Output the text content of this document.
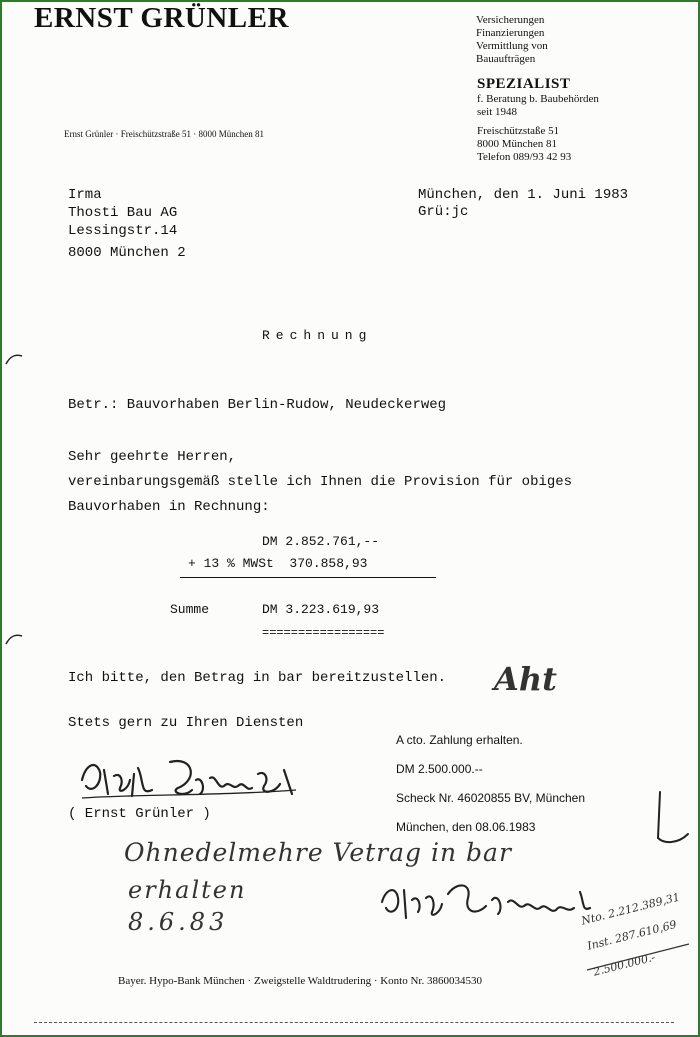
ERNST GRÜNLER
Ernst Grünler · Freischützstraße 51 · 8000 München 81
Versicherungen
Finanzierungen
Vermittlung von
Bauaufträgen
SPEZIALIST
f. Beratung b. Baubehörden
seit 1948
Freischützstaße 51
8000 München 81
Telefon 089/93 42 93
Irma
Thosti Bau AG
Lessingstr.14
8000 München 2
München, den 1. Juni 1983
Grü:jc
Rechnung
Betr.: Bauvorhaben Berlin-Rudow, Neudeckerweg
Sehr geehrte Herren,
vereinbarungsgemäß stelle ich Ihnen die Provision für obiges
Bauvorhaben in Rechnung:
DM 2.852.761,--
+ 13 % MWSt  370.858,93
Summe	DM 3.223.619,93
=================
Ich bitte, den Betrag in bar bereitzustellen.
Stets gern zu Ihren Diensten
( Ernst Grünler )
A cto. Zahlung erhalten.
DM 2.500.000.--
Scheck Nr. 46020855 BV, München
München, den 08.06.1983
Ohnedelmehre Vetrag in bar
erhalten
8.6.83	Nto. 2.212.389,31
Inst. 287.610,69
2.500.000.-
Aht
Bayer. Hypo-Bank München · Zweigstelle Waldtrudering · Konto Nr. 3860034530
